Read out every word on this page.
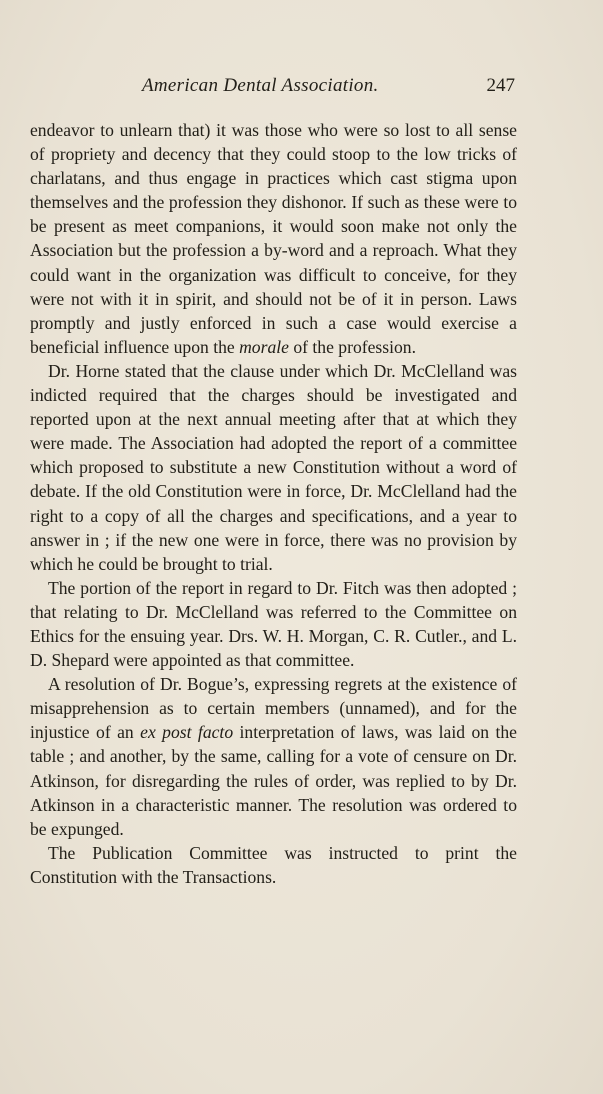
American Dental Association.	247

endeavor to unlearn that) it was those who were so lost to all sense of propriety and decency that they could stoop to the low tricks of charlatans, and thus engage in practices which cast stigma upon themselves and the profession they dishonor. If such as these were to be present as meet companions, it would soon make not only the Association but the profession a by-word and a reproach. What they could want in the organization was difficult to conceive, for they were not with it in spirit, and should not be of it in person. Laws promptly and justly enforced in such a case would exercise a beneficial influence upon the morale of the profession.

Dr. Horne stated that the clause under which Dr. McClelland was indicted required that the charges should be investigated and reported upon at the next annual meeting after that at which they were made. The Association had adopted the report of a committee which proposed to substitute a new Constitution without a word of debate. If the old Constitution were in force, Dr. McClelland had the right to a copy of all the charges and specifications, and a year to answer in ; if the new one were in force, there was no provision by which he could be brought to trial.

The portion of the report in regard to Dr. Fitch was then adopted ; that relating to Dr. McClelland was referred to the Committee on Ethics for the ensuing year. Drs. W. H. Morgan, C. R. Cutler., and L. D. Shepard were appointed as that committee.

A resolution of Dr. Bogue’s, expressing regrets at the existence of misapprehension as to certain members (unnamed), and for the injustice of an ex post facto interpretation of laws, was laid on the table ; and another, by the same, calling for a vote of censure on Dr. Atkinson, for disregarding the rules of order, was replied to by Dr. Atkinson in a characteristic manner. The resolution was ordered to be expunged.

The Publication Committee was instructed to print the Constitution with the Transactions.
